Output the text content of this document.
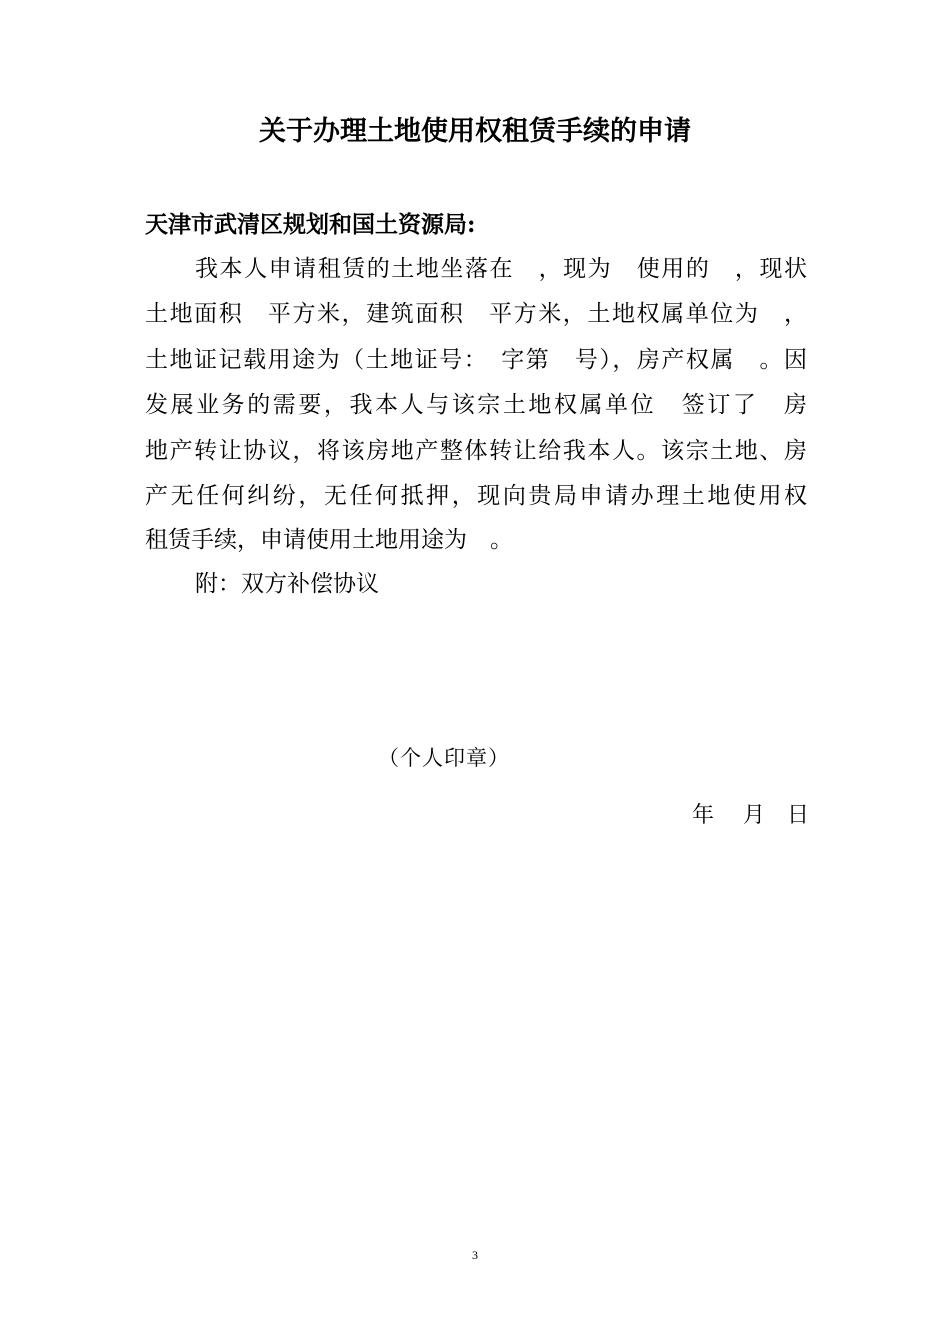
关于办理土地使用权租赁手续的申请
天津市武清区规划和国土资源局:
我本人申请租赁的土地坐落在　，现为　使用的　，现状
土地面积　平方米，建筑面积　平方米，土地权属单位为　，
土地证记载用途为（土地证号：　字第　号），房产权属　。因
发展业务的需要，我本人与该宗土地权属单位　签订了　房
地产转让协议，将该房地产整体转让给我本人。该宗土地、房
产无任何纠纷，无任何抵押，现向贵局申请办理土地使用权
租赁手续，申请使用土地用途为　。
附：双方补偿协议
（个人印章）
年　 月　日
3
